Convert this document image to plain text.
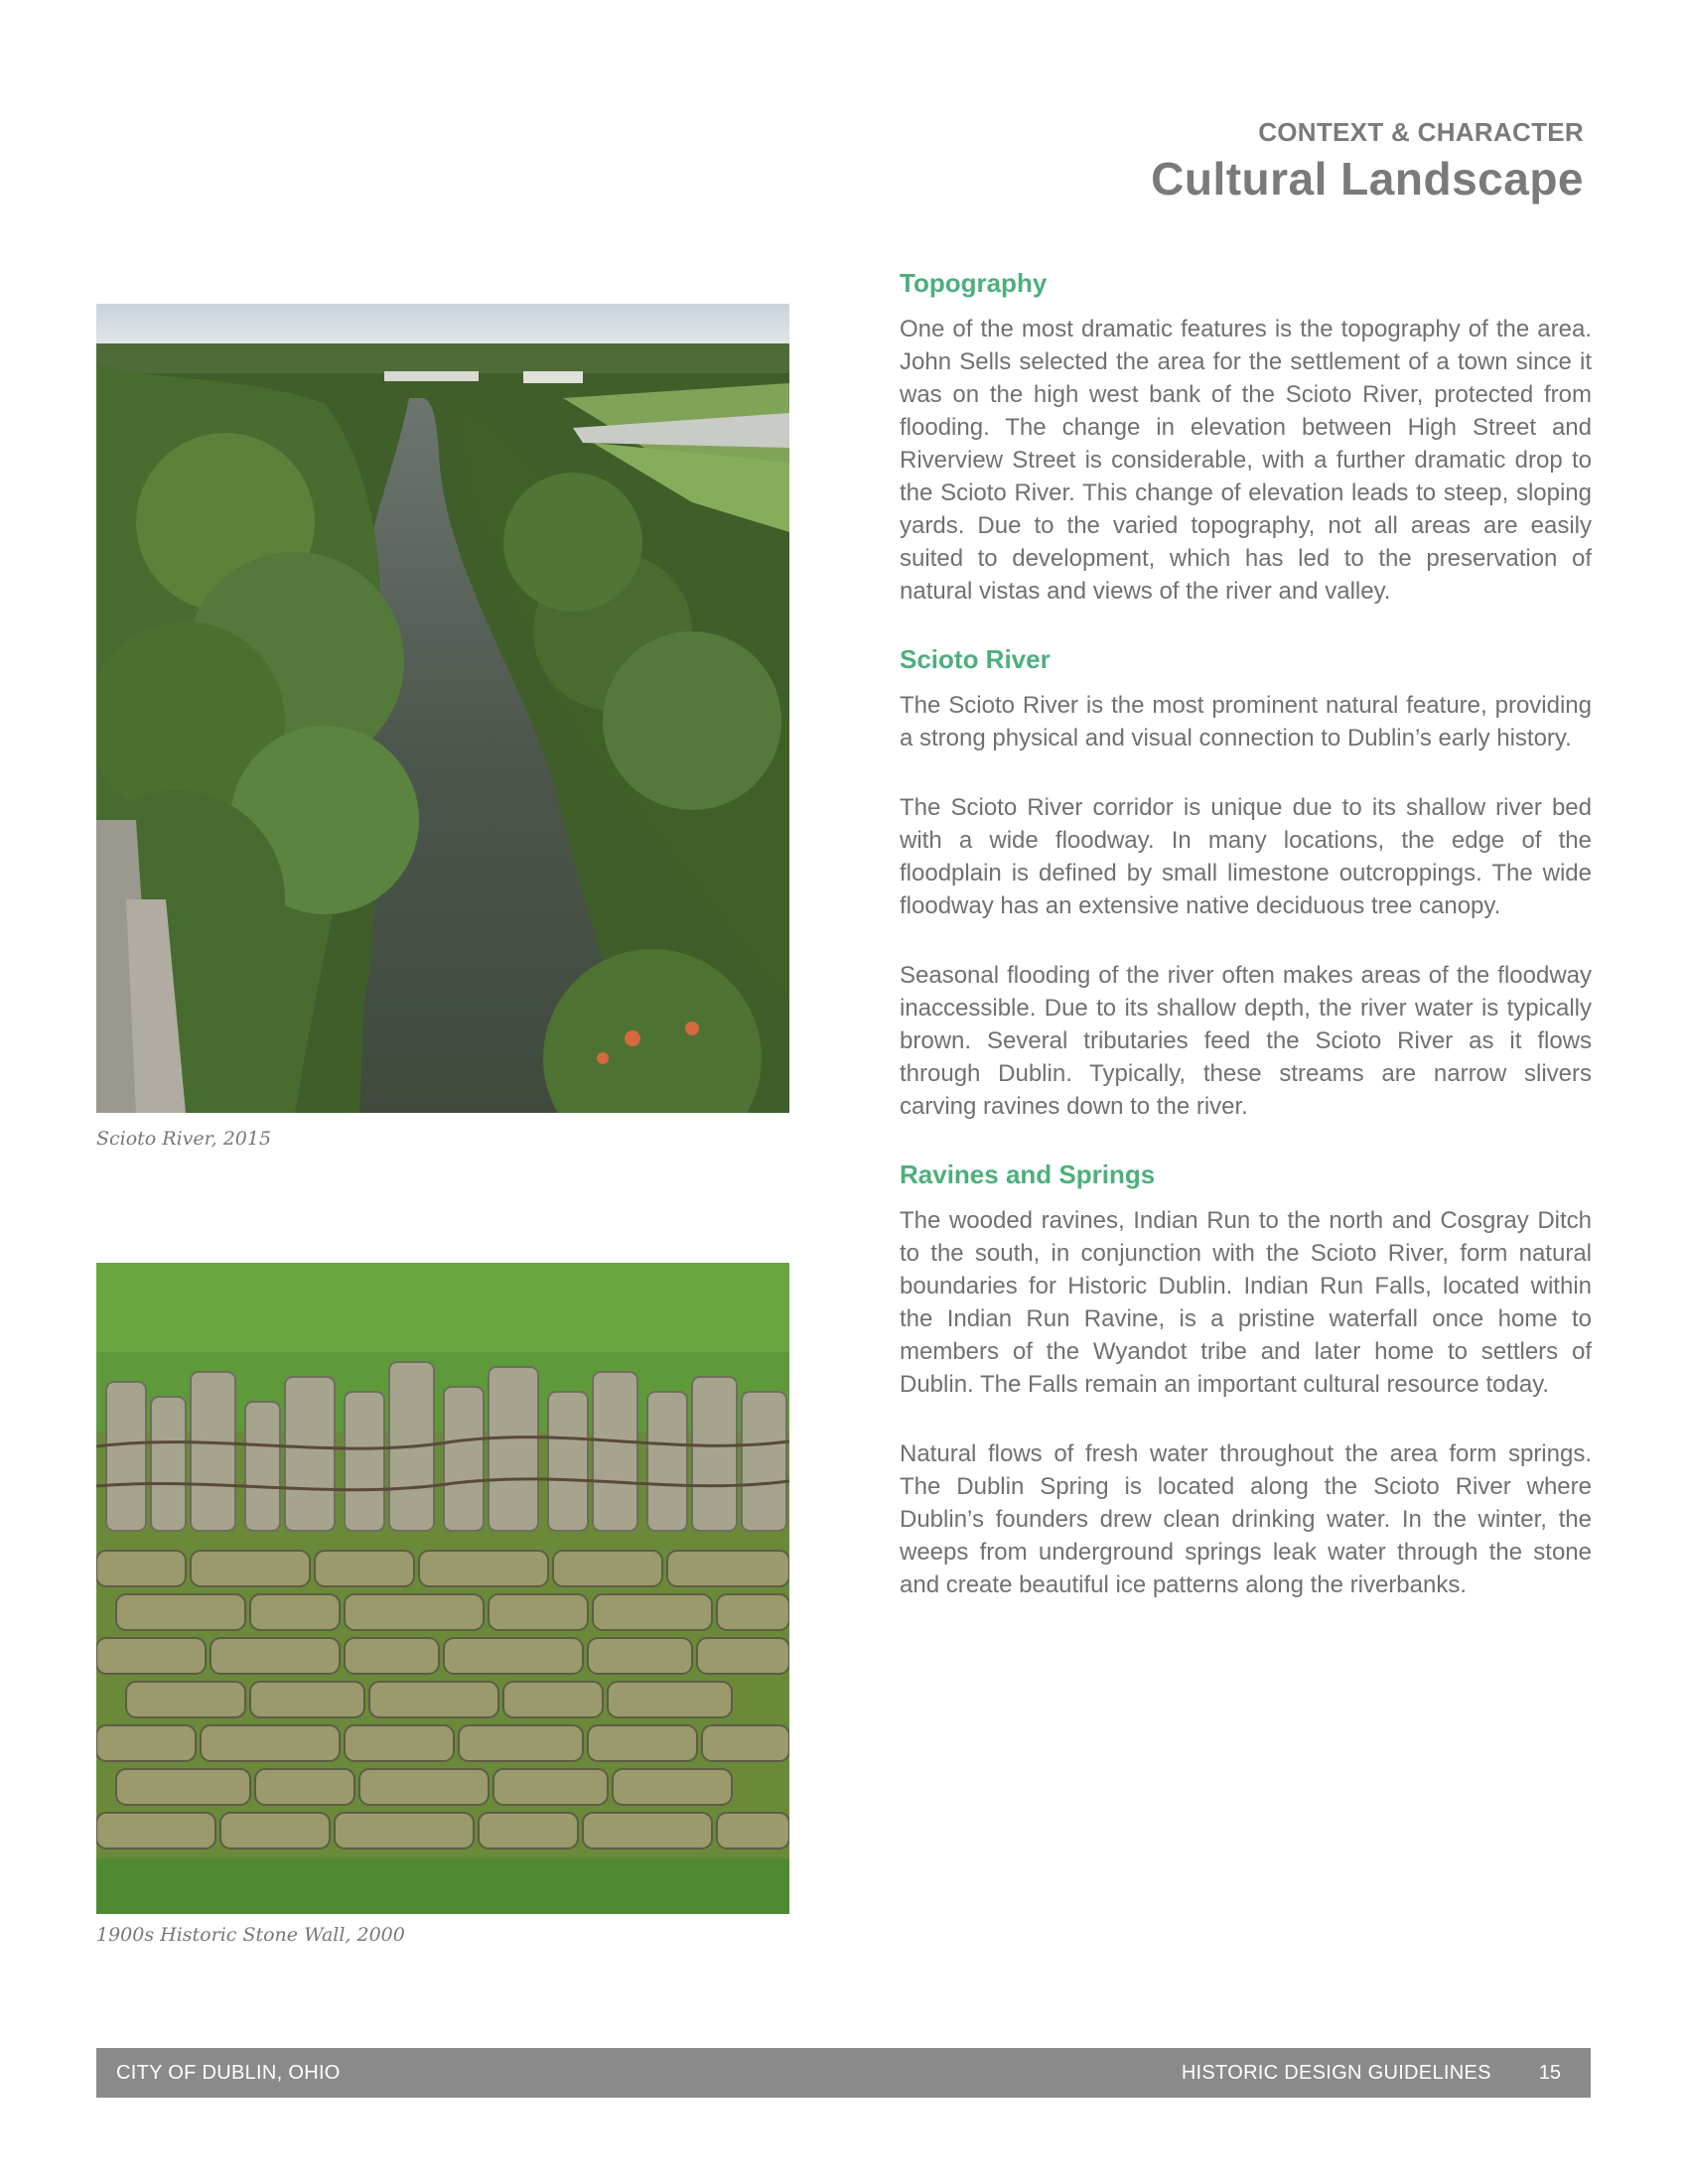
CONTEXT & CHARACTER
Cultural Landscape
Scioto River, 2015
1900s Historic Stone Wall, 2000
Topography

One of the most dramatic features is the topography of the area. John Sells selected the area for the settlement of a town since it was on the high west bank of the Scioto River, protected from flooding. The change in elevation between High Street and Riverview Street is considerable, with a further dramatic drop to the Scioto River. This change of elevation leads to steep, sloping yards. Due to the varied topography, not all areas are easily suited to development, which has led to the preservation of natural vistas and views of the river and valley.

Scioto River

The Scioto River is the most prominent natural feature, providing a strong physical and visual connection to Dublin’s early history.

The Scioto River corridor is unique due to its shallow river bed with a wide floodway. In many locations, the edge of the floodplain is defined by small limestone outcroppings. The wide floodway has an extensive native deciduous tree canopy.

Seasonal flooding of the river often makes areas of the floodway inaccessible. Due to its shallow depth, the river water is typically brown. Several tributaries feed the Scioto River as it flows through Dublin. Typically, these streams are narrow slivers carving ravines down to the river.

Ravines and Springs

The wooded ravines, Indian Run to the north and Cosgray Ditch to the south, in conjunction with the Scioto River, form natural boundaries for Historic Dublin. Indian Run Falls, located within the Indian Run Ravine, is a pristine waterfall once home to members of the Wyandot tribe and later home to settlers of Dublin. The Falls remain an important cultural resource today.

Natural flows of fresh water throughout the area form springs. The Dublin Spring is located along the Scioto River where Dublin’s founders drew clean drinking water. In the winter, the weeps from underground springs leak water through the stone and create beautiful ice patterns along the riverbanks.

CITY OF DUBLIN, OHIO	HISTORIC DESIGN GUIDELINES 15
